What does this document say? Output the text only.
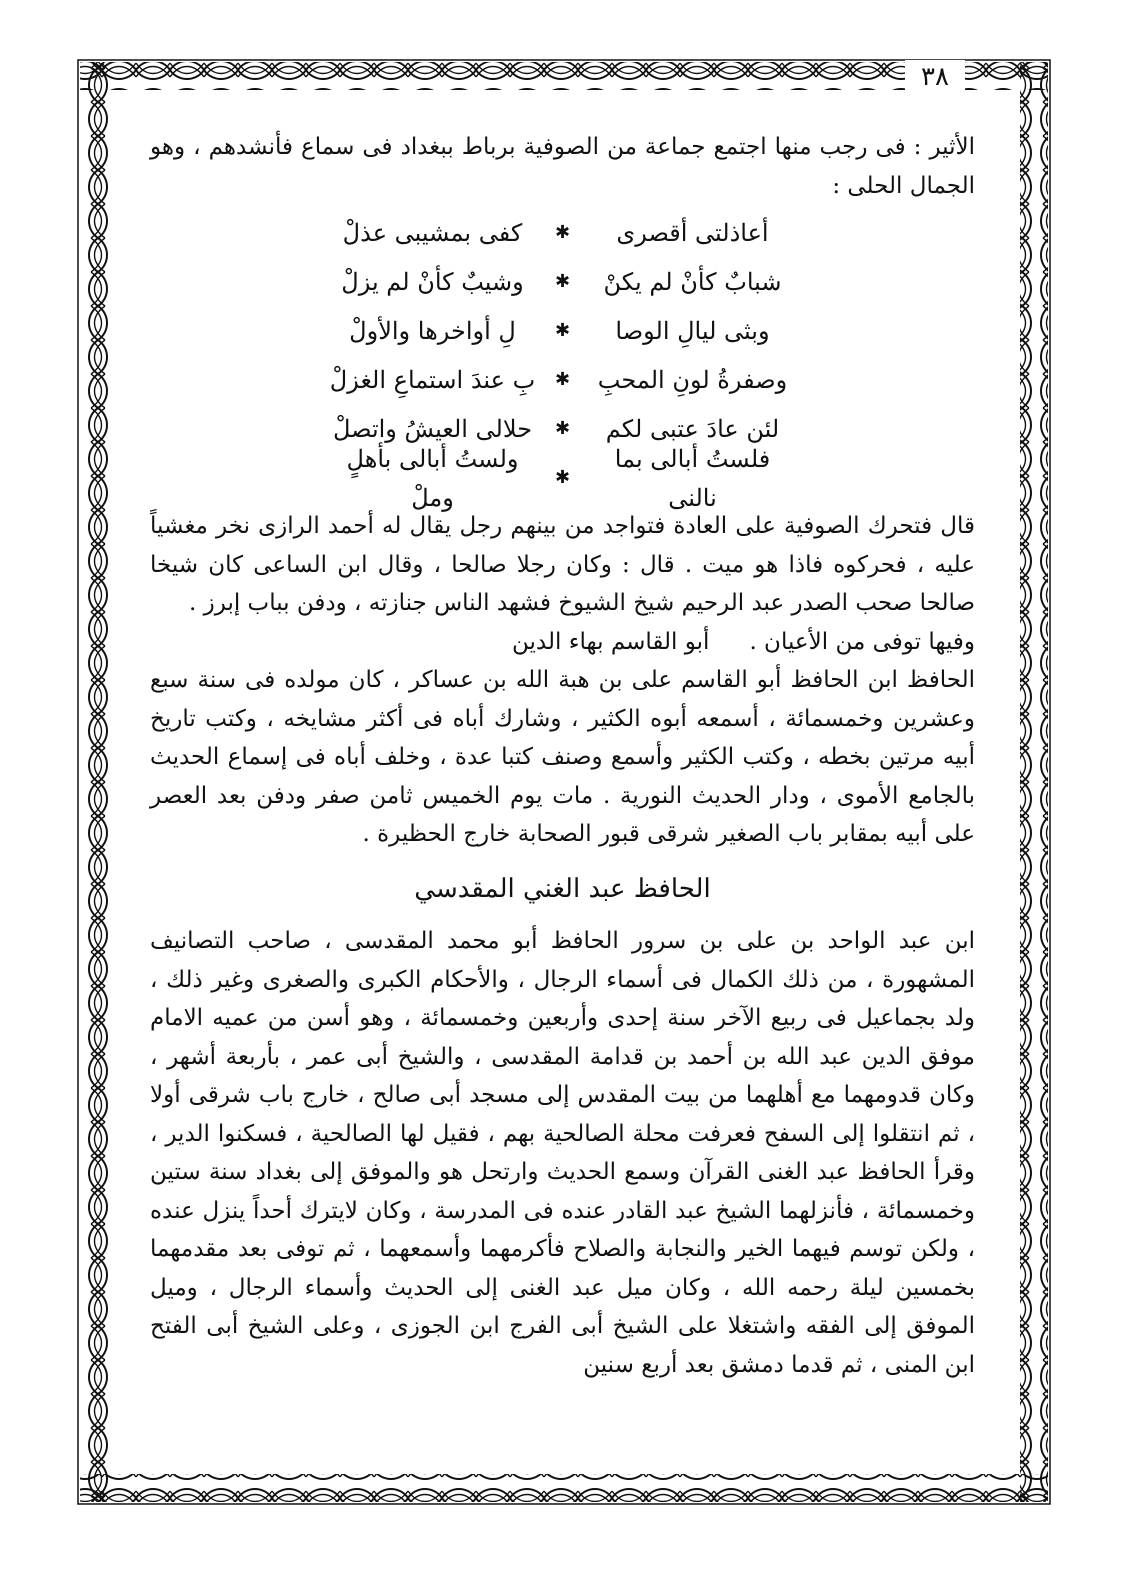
٣٨

الأثير : فى رجب منها اجتمع جماعة من الصوفية برباط ببغداد فى سماع فأنشدهم ، وهو الجمال الحلى :

أعاذلتى أقصرى
✱
كفى بمشيبى عذلْ
شبابٌ كأنْ لم يكنْ
✱
وشيبٌ كأنْ لم يزلْ
وبثى ليالِ الوصا
✱
لِ أواخرها والأولْ
وصفرةُ لونِ المحبِ
✱
بِ عندَ استماعِ الغزلْ
لئن عادَ عتبى لكم
✱
حلالى العيشُ واتصلْ
فلستُ أبالى بما نالنى
✱
ولستُ أبالى بأهلٍ وملْ

قال فتحرك الصوفية على العادة فتواجد من بينهم رجل يقال له أحمد الرازى نخر مغشياً عليه ، فحركوه فاذا هو ميت . قال : وكان رجلا صالحا ، وقال ابن الساعى كان شيخا صالحا صحب الصدر عبد الرحيم شيخ الشيوخ فشهد الناس جنازته ، ودفن بباب إبرز .

وفيها توفى من الأعيان .
أبو القاسم بهاء الدين

الحافظ ابن الحافظ أبو القاسم على بن هبة الله بن عساكر ، كان مولده فى سنة سبع وعشرين وخمسمائة ، أسمعه أبوه الكثير ، وشارك أباه فى أكثر مشايخه ، وكتب تاريخ أبيه مرتين بخطه ، وكتب الكثير وأسمع وصنف كتبا عدة ، وخلف أباه فى إسماع الحديث بالجامع الأموى ، ودار الحديث النورية . مات يوم الخميس ثامن صفر ودفن بعد العصر على أبيه بمقابر باب الصغير شرقى قبور الصحابة خارج الحظيرة .

الحافظ عبد الغني المقدسي

ابن عبد الواحد بن على بن سرور الحافظ أبو محمد المقدسى ، صاحب التصانيف المشهورة ، من ذلك الكمال فى أسماء الرجال ، والأحكام الكبرى والصغرى وغير ذلك ، ولد بجماعيل فى ربيع الآخر سنة إحدى وأربعين وخمسمائة ، وهو أسن من عميه الامام موفق الدين عبد الله بن أحمد بن قدامة المقدسى ، والشيخ أبى عمر ، بأربعة أشهر ، وكان قدومهما مع أهلهما من بيت المقدس إلى مسجد أبى صالح ، خارج باب شرقى أولا ، ثم انتقلوا إلى السفح فعرفت محلة الصالحية بهم ، فقيل لها الصالحية ، فسكنوا الدير ، وقرأ الحافظ عبد الغنى القرآن وسمع الحديث وارتحل هو والموفق إلى بغداد سنة ستين وخمسمائة ، فأنزلهما الشيخ عبد القادر عنده فى المدرسة ، وكان لايترك أحداً ينزل عنده ، ولكن توسم فيهما الخير والنجابة والصلاح فأكرمهما وأسمعهما ، ثم توفى بعد مقدمهما بخمسين ليلة رحمه الله ، وكان ميل عبد الغنى إلى الحديث وأسماء الرجال ، وميل الموفق إلى الفقه واشتغلا على الشيخ أبى الفرج ابن الجوزى ، وعلى الشيخ أبى الفتح ابن المنى ، ثم قدما دمشق بعد أربع سنين
